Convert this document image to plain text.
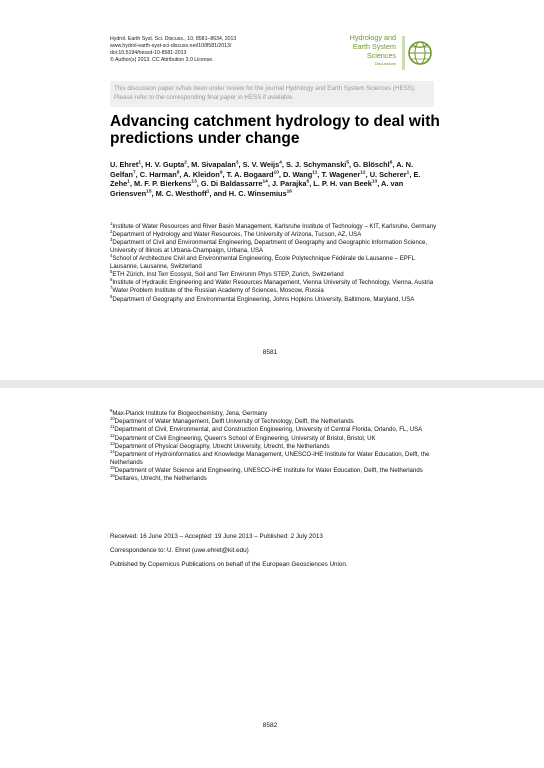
Hydrol. Earth Syst. Sci. Discuss., 10, 8581–8634, 2013
www.hydrol-earth-syst-sci-discuss.net/10/8581/2013/
doi:10.5194/hessd-10-8581-2013
© Author(s) 2013. CC Attribution 3.0 License.
Hydrology and
Earth System
Sciences
Discussions
This discussion paper is/has been under review for the journal Hydrology and Earth System Sciences (HESS). Please refer to the corresponding final paper in HESS if available.
Advancing catchment hydrology to deal with predictions under change
U. Ehret$^1$, H. V. Gupta$^2$, M. Sivapalan$^3$, S. V. Weijs$^4$, S. J. Schymanski$^5$, G. Blöschl$^6$, A. N. Gelfan$^7$, C. Harman$^8$, A. Kleidon$^9$, T. A. Bogaard$^{10}$, D. Wang$^{11}$, T. Wagener$^{12}$, U. Scherer$^1$, E. Zehe$^1$, M. F. P. Bierkens$^{13}$, G. Di Baldassarre$^{14}$, J. Parajka$^6$, L. P. H. van Beek$^{13}$, A. van Griensven$^{15}$, M. C. Westhoff$^1$, and H. C. Winsemius$^{16}$

$^1$Institute of Water Resources and River Basin Management, Karlsruhe Institute of Technology – KIT, Karlsruhe, Germany

$^2$Department of Hydrology and Water Resources, The University of Arizona, Tucson, AZ, USA

$^3$Department of Civil and Environmental Engineering, Department of Geography and Geographic Information Science, University of Illinois at Urbana-Champaign, Urbana, USA

$^4$School of Architecture Civil and Environmental Engineering, École Polytechnique Fédérale de Lausanne – EPFL Lausanne, Lausanne, Switzerland

$^5$ETH Zürich, Inst Terr Ecosyst, Soil and Terr Environm Phys STEP, Zurich, Switzerland

$^6$Institute of Hydraulic Engineering and Water Resources Management, Vienna University of Technology, Vienna, Austria

$^7$Water Problem Institute of the Russian Academy of Sciences, Moscow, Russia

$^8$Department of Geography and Environmental Engineering, Johns Hopkins University, Baltimore, Maryland, USA

8581

$^9$Max-Planck Institute for Biogeochemistry, Jena, Germany

$^{10}$Department of Water Management, Delft University of Technology, Delft, the Netherlands

$^{11}$Department of Civil, Environmental, and Construction Engineering, University of Central Florida, Orlando, FL, USA

$^{12}$Department of Civil Engineering, Queen's School of Engineering, University of Bristol, Bristol, UK

$^{13}$Department of Physical Geography, Utrecht University, Utrecht, the Netherlands

$^{14}$Department of Hydroinformatics and Knowledge Management, UNESCO-IHE Institute for Water Education, Delft, the Netherlands

$^{15}$Department of Water Science and Engineering, UNESCO-IHE Institute for Water Education, Delft, the Netherlands

$^{16}$Deltares, Utrecht, the Netherlands

Received: 16 June 2013 – Accepted: 19 June 2013 – Published: 2 July 2013
Correspondence to: U. Ehret (uwe.ehret@kit.edu)
Published by Copernicus Publications on behalf of the European Geosciences Union.
8582
